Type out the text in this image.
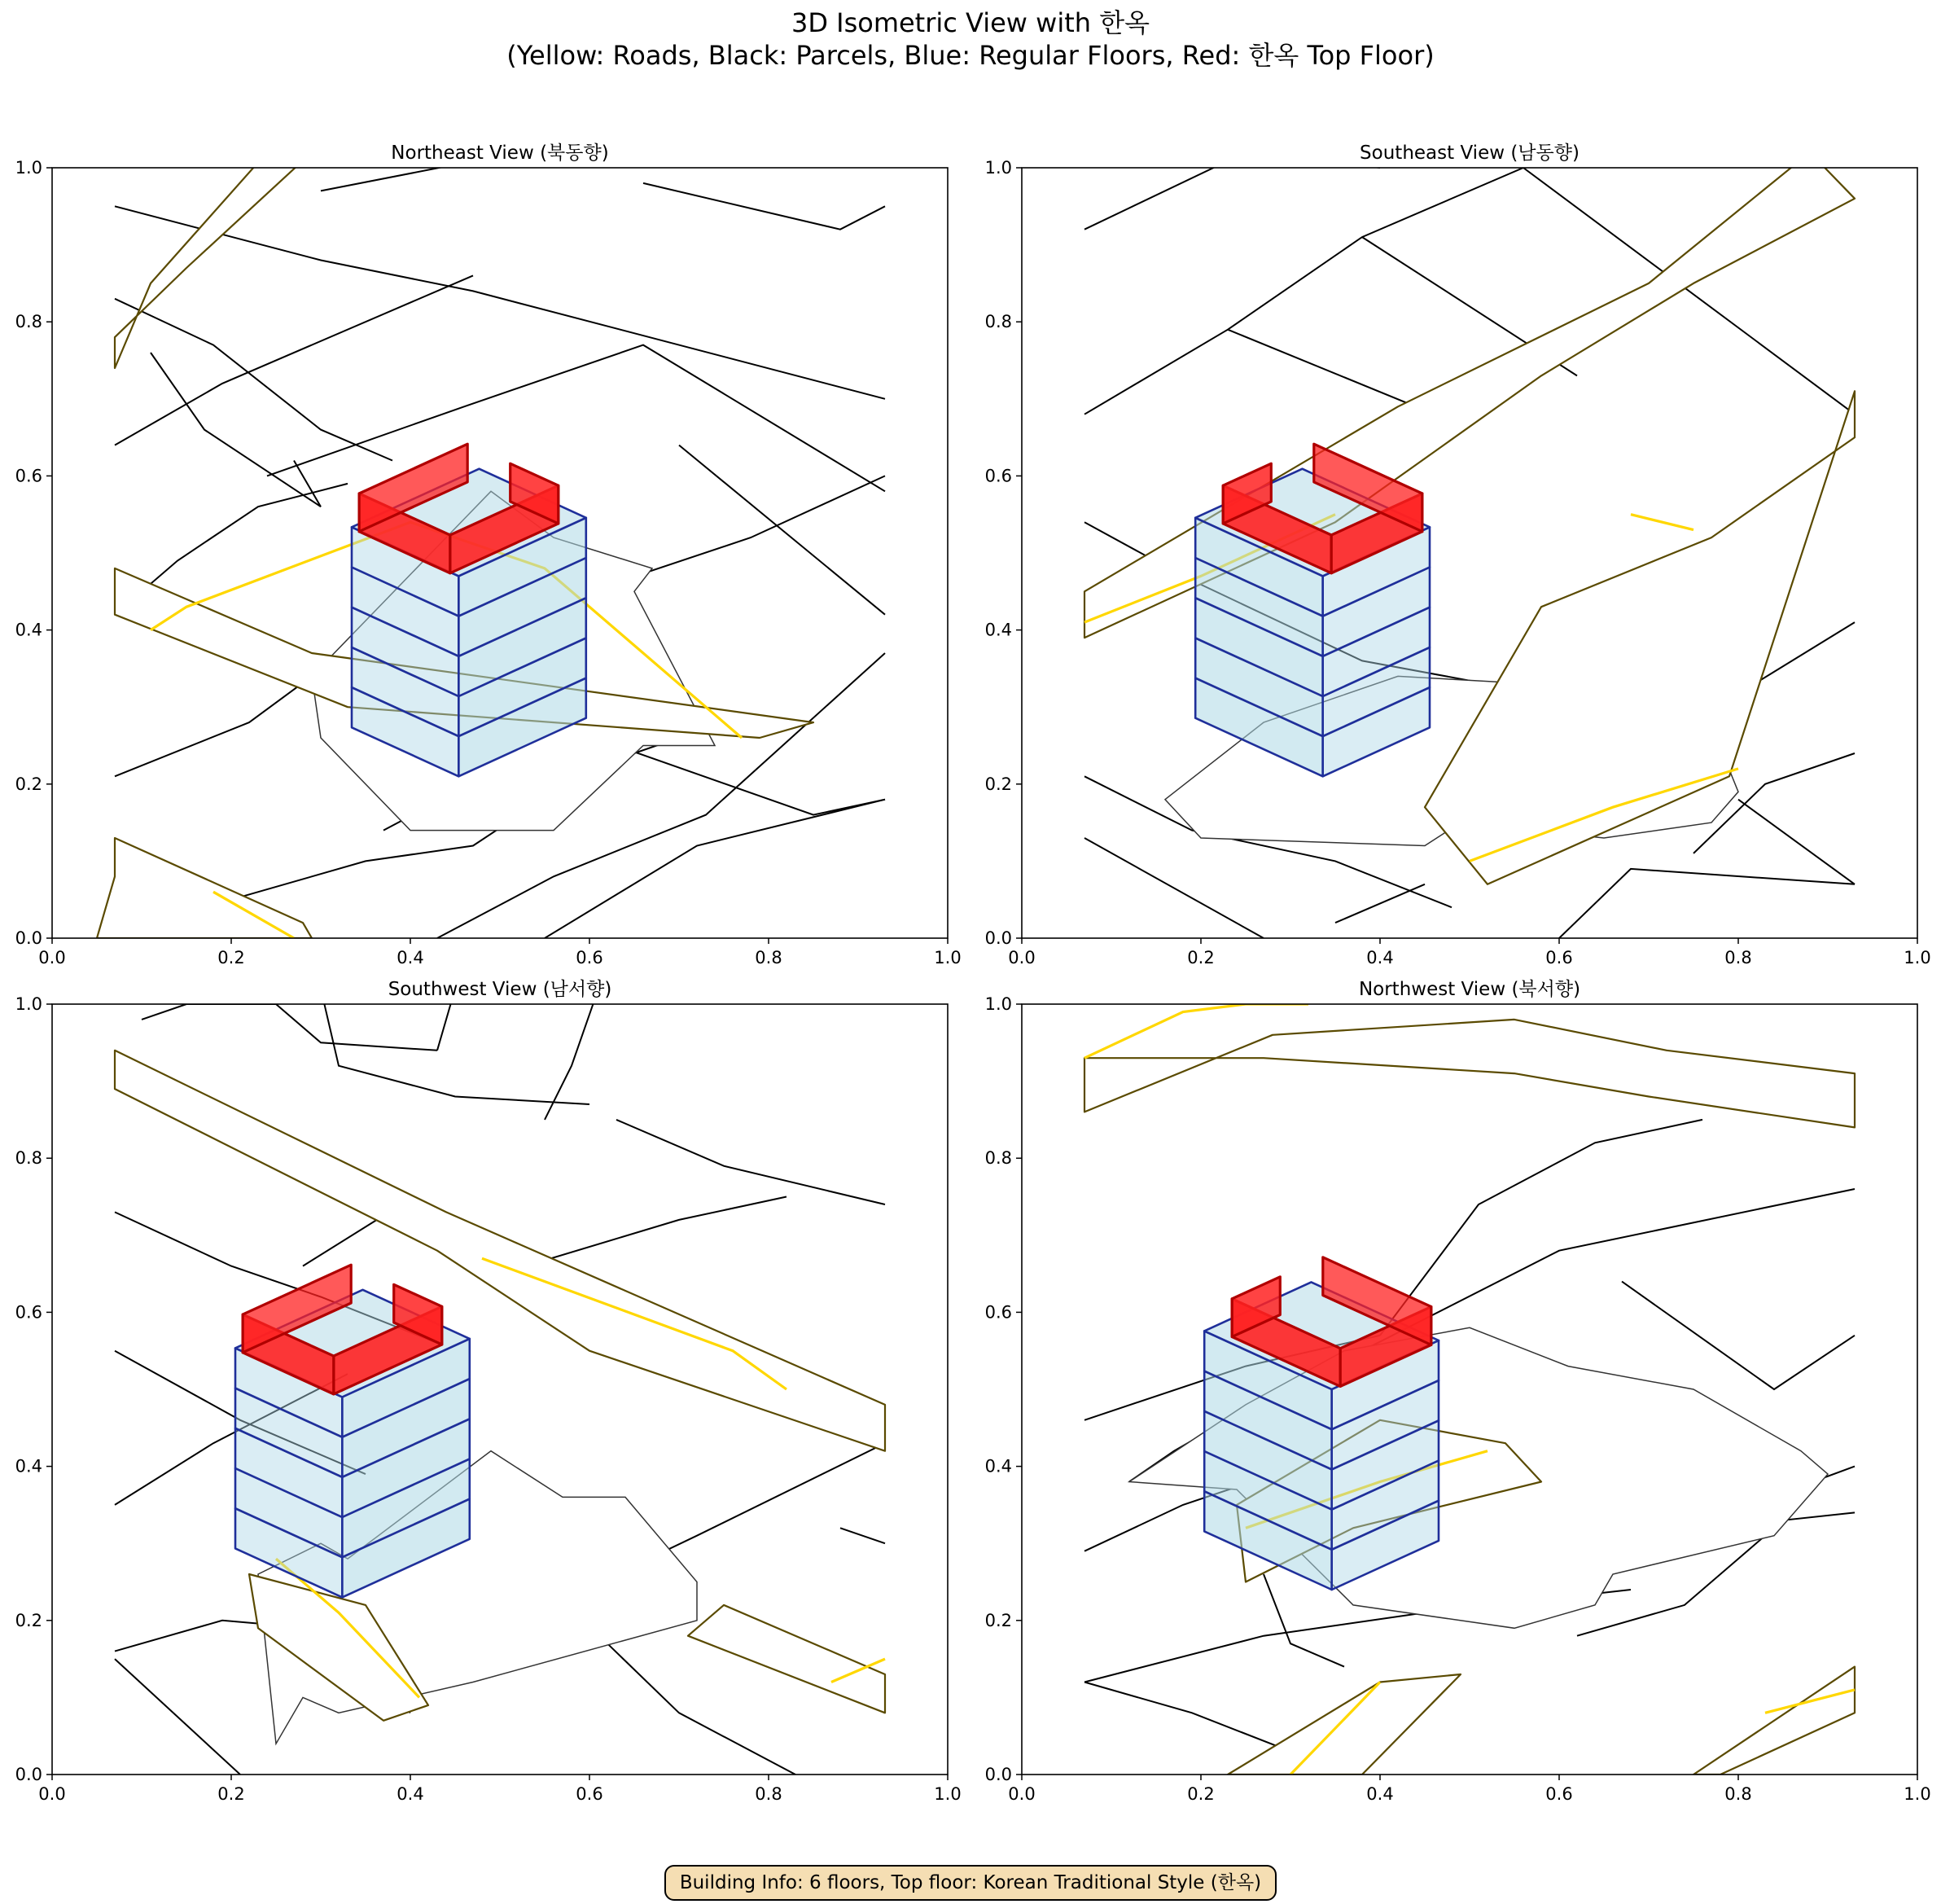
3D Isometric View with 한옥
(Yellow: Roads, Black: Parcels, Blue: Regular Floors, Red: 한옥 Top Floor)
Northeast View (북동향)
0.0	0.2	0.4	0.6	0.8	1.0
0.0
0.2
0.4
0.6
0.8
1.0
Southeast View (남동향)
0.0	0.2	0.4	0.6	0.8	1.0
0.0
0.2
0.4
0.6
0.8
1.0
Southwest View (남서향)
0.0	0.2	0.4	0.6	0.8	1.0
0.0
0.2
0.4
0.6
0.8
1.0
Northwest View (북서향)
0.0	0.2	0.4	0.6	0.8	1.0
0.0
0.2
0.4
0.6
0.8
1.0
Building Info: 6 floors, Top floor: Korean Traditional Style (한옥)
